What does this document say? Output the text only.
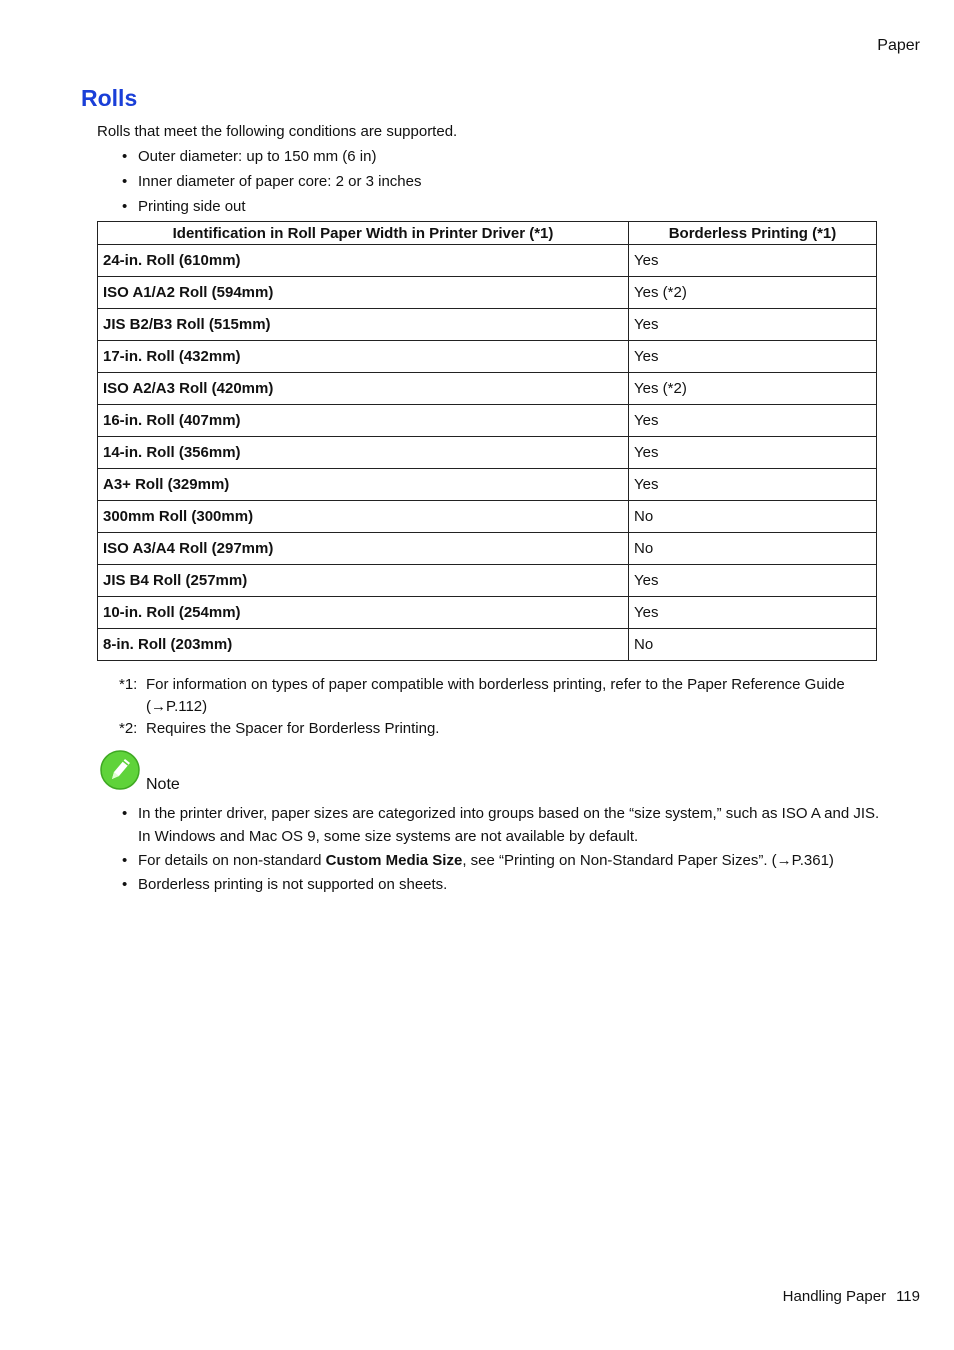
Paper
Rolls
Rolls that meet the following conditions are supported.
• Outer diameter: up to 150 mm (6 in)
• Inner diameter of paper core: 2 or 3 inches
• Printing side out
Identification in Roll Paper Width in Printer Driver (*1)	Borderless Printing (*1)
24-in. Roll (610mm)	Yes
ISO A1/A2 Roll (594mm)	Yes (*2)
JIS B2/B3 Roll (515mm)	Yes
17-in. Roll (432mm)	Yes
ISO A2/A3 Roll (420mm)	Yes (*2)
16-in. Roll (407mm)	Yes
14-in. Roll (356mm)	Yes
A3+ Roll (329mm)	Yes
300mm Roll (300mm)	No
ISO A3/A4 Roll (297mm)	No
JIS B4 Roll (257mm)	Yes
10-in. Roll (254mm)	Yes
8-in. Roll (203mm)	No
*1: For information on types of paper compatible with borderless printing, refer to the Paper Reference Guide (→P.112)
*2: Requires the Spacer for Borderless Printing.
Note
• In the printer driver, paper sizes are categorized into groups based on the “size system,” such as ISO A and JIS. In Windows and Mac OS 9, some size systems are not available by default.
• For details on non-standard Custom Media Size, see “Printing on Non-Standard Paper Sizes”. (→P.361)
• Borderless printing is not supported on sheets.
Handling Paper 119
